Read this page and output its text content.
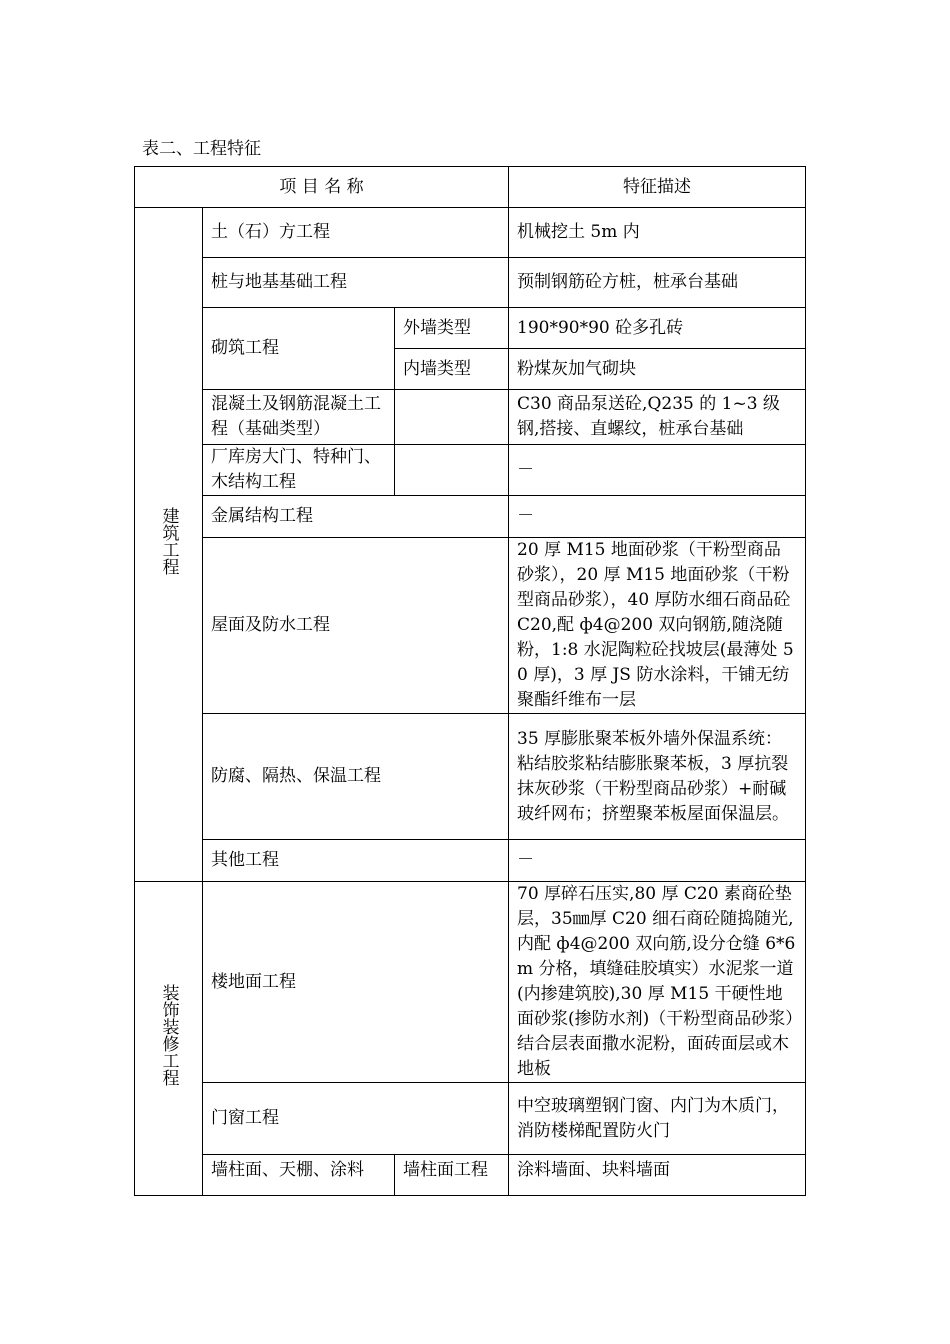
表二、工程特征
项 目 名 称			特征描述
建筑工程	土（石）方工程		机械挖土 5m 内
	桩与地基基础工程		预制钢筋砼方桩，桩承台基础
	砌筑工程	外墙类型	190*90*90 砼多孔砖
		内墙类型	粉煤灰加气砌块
	混凝土及钢筋混凝土工程（基础类型）		C30 商品泵送砼,Q235 的 1~3 级钢,搭接、直螺纹，桩承台基础
	厂库房大门、特种门、木结构工程		－
	金属结构工程		－
	屋面及防水工程		20 厚 M15 地面砂浆（干粉型商品砂浆），20 厚 M15 地面砂浆（干粉型商品砂浆），40 厚防水细石商品砼 C20,配 ф4@200 双向钢筋,随浇随粉，1:8 水泥陶粒砼找坡层(最薄处 50 厚)，3 厚 JS 防水涂料，干铺无纺聚酯纤维布一层
	防腐、隔热、保温工程		35 厚膨胀聚苯板外墙外保温系统：粘结胶浆粘结膨胀聚苯板，3 厚抗裂抹灰砂浆（干粉型商品砂浆）+耐碱玻纤网布；挤塑聚苯板屋面保温层。
	其他工程		－
装饰装修工程	楼地面工程		70 厚碎石压实,80 厚 C20 素商砼垫层，35㎜厚 C20 细石商砼随捣随光,内配 ф4@200 双向筋,设分仓缝 6*6m 分格，填缝硅胶填实）水泥浆一道(内掺建筑胶),30 厚 M15 干硬性地面砂浆(掺防水剂)（干粉型商品砂浆）结合层表面撒水泥粉，面砖面层或木地板
	门窗工程		中空玻璃塑钢门窗、内门为木质门，消防楼梯配置防火门
	墙柱面、天棚、涂料	墙柱面工程	涂料墙面、块料墙面
